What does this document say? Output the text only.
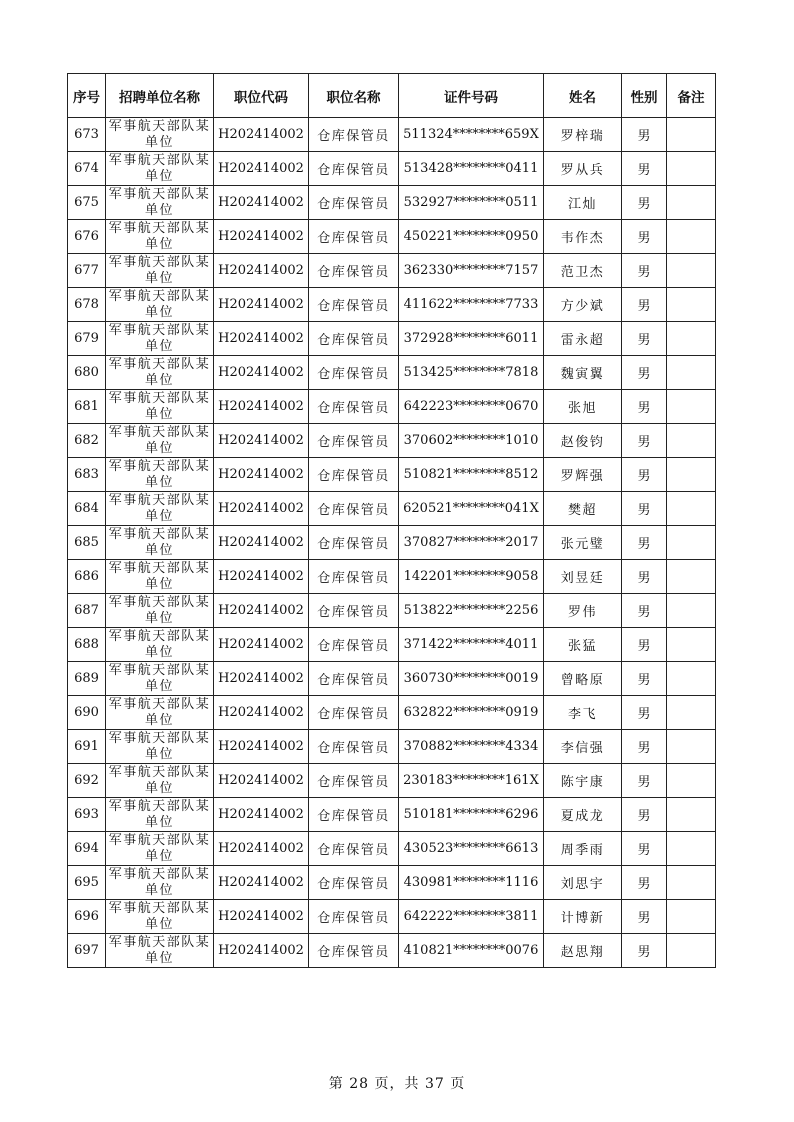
序号	招聘单位名称	职位代码	职位名称	证件号码	姓名	性别	备注
673	军事航天部队某单位	H202414002	仓库保管员	511324********659X	罗梓瑞	男	
674	军事航天部队某单位	H202414002	仓库保管员	513428********0411	罗从兵	男	
675	军事航天部队某单位	H202414002	仓库保管员	532927********0511	江灿	男	
676	军事航天部队某单位	H202414002	仓库保管员	450221********0950	韦作杰	男	
677	军事航天部队某单位	H202414002	仓库保管员	362330********7157	范卫杰	男	
678	军事航天部队某单位	H202414002	仓库保管员	411622********7733	方少斌	男	
679	军事航天部队某单位	H202414002	仓库保管员	372928********6011	雷永超	男	
680	军事航天部队某单位	H202414002	仓库保管员	513425********7818	魏寅翼	男	
681	军事航天部队某单位	H202414002	仓库保管员	642223********0670	张旭	男	
682	军事航天部队某单位	H202414002	仓库保管员	370602********1010	赵俊钧	男	
683	军事航天部队某单位	H202414002	仓库保管员	510821********8512	罗辉强	男	
684	军事航天部队某单位	H202414002	仓库保管员	620521********041X	樊超	男	
685	军事航天部队某单位	H202414002	仓库保管员	370827********2017	张元璧	男	
686	军事航天部队某单位	H202414002	仓库保管员	142201********9058	刘昱廷	男	
687	军事航天部队某单位	H202414002	仓库保管员	513822********2256	罗伟	男	
688	军事航天部队某单位	H202414002	仓库保管员	371422********4011	张猛	男	
689	军事航天部队某单位	H202414002	仓库保管员	360730********0019	曾略原	男	
690	军事航天部队某单位	H202414002	仓库保管员	632822********0919	李飞	男	
691	军事航天部队某单位	H202414002	仓库保管员	370882********4334	李信强	男	
692	军事航天部队某单位	H202414002	仓库保管员	230183********161X	陈宇康	男	
693	军事航天部队某单位	H202414002	仓库保管员	510181********6296	夏成龙	男	
694	军事航天部队某单位	H202414002	仓库保管员	430523********6613	周季雨	男	
695	军事航天部队某单位	H202414002	仓库保管员	430981********1116	刘思宇	男	
696	军事航天部队某单位	H202414002	仓库保管员	642222********3811	计博新	男	
697	军事航天部队某单位	H202414002	仓库保管员	410821********0076	赵思翔	男	
第 28 页，共 37 页
